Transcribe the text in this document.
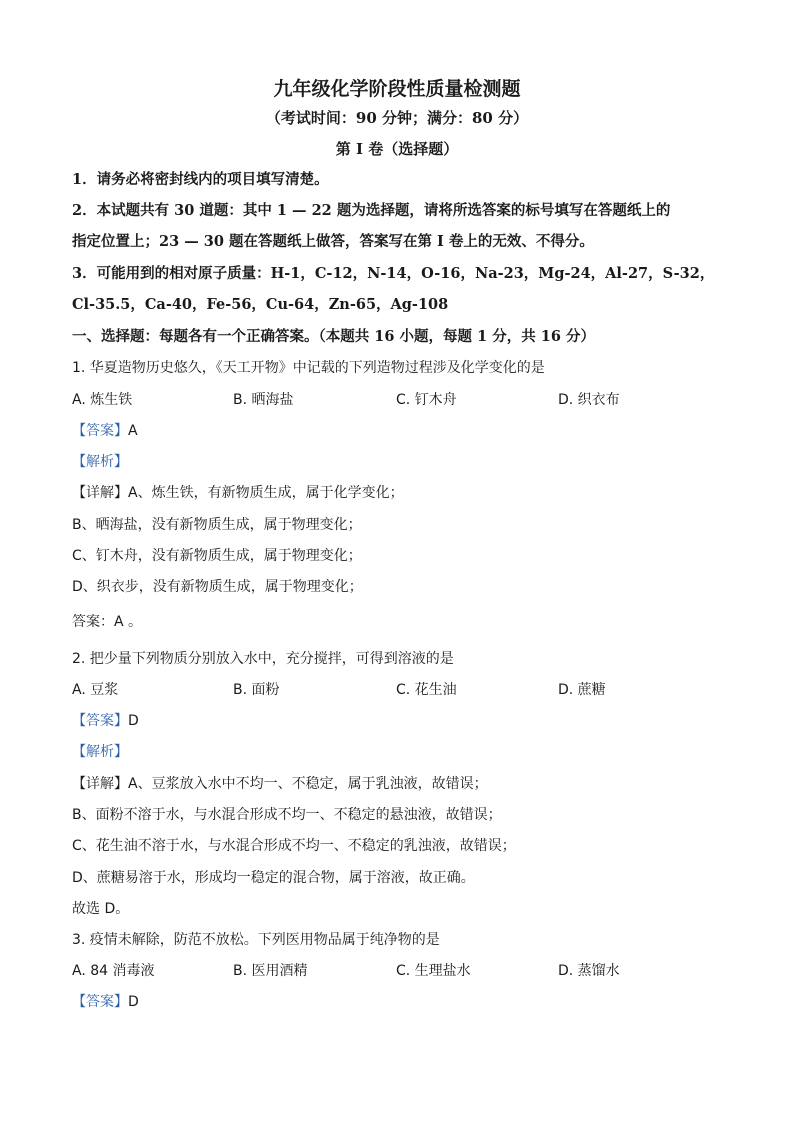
九年级化学阶段性质量检测题
（考试时间：90 分钟；满分：80 分）
第 I 卷（选择题）
1．请务必将密封线内的项目填写清楚。
2．本试题共有 30 道题：其中 1 — 22 题为选择题，请将所选答案的标号填写在答题纸上的
指定位置上；23 — 30 题在答题纸上做答，答案写在第 I 卷上的无效、不得分。
3．可能用到的相对原子质量：H-1，C-12，N-14，O-16，Na-23，Mg-24，Al-27，S-32，
Cl-35.5，Ca-40，Fe-56，Cu-64，Zn-65，Ag-108
一、选择题：每题各有一个正确答案。（本题共 16 小题，每题 1 分，共 16 分）
1. 华夏造物历史悠久，《天工开物》中记载的下列造物过程涉及化学变化的是
A. 炼生铁	B. 晒海盐	C. 钉木舟	D. 织衣布
【答案】A
【解析】
【详解】A、炼生铁，有新物质生成，属于化学变化；
B、晒海盐，没有新物质生成，属于物理变化；
C、钉木舟，没有新物质生成，属于物理变化；
D、织衣步，没有新物质生成，属于物理变化；
答案：A 。
2. 把少量下列物质分别放入水中，充分搅拌，可得到溶液的是
A. 豆浆	B. 面粉	C. 花生油	D. 蔗糖
【答案】D
【解析】
【详解】A、豆浆放入水中不均一、不稳定，属于乳浊液，故错误；
B、面粉不溶于水，与水混合形成不均一、不稳定的悬浊液，故错误；
C、花生油不溶于水，与水混合形成不均一、不稳定的乳浊液，故错误；
D、蔗糖易溶于水，形成均一稳定的混合物，属于溶液，故正确。
故选 D。
3. 疫情未解除，防范不放松。下列医用物品属于纯净物的是
A. 84 消毒液	B. 医用酒精	C. 生理盐水	D. 蒸馏水
【答案】D
